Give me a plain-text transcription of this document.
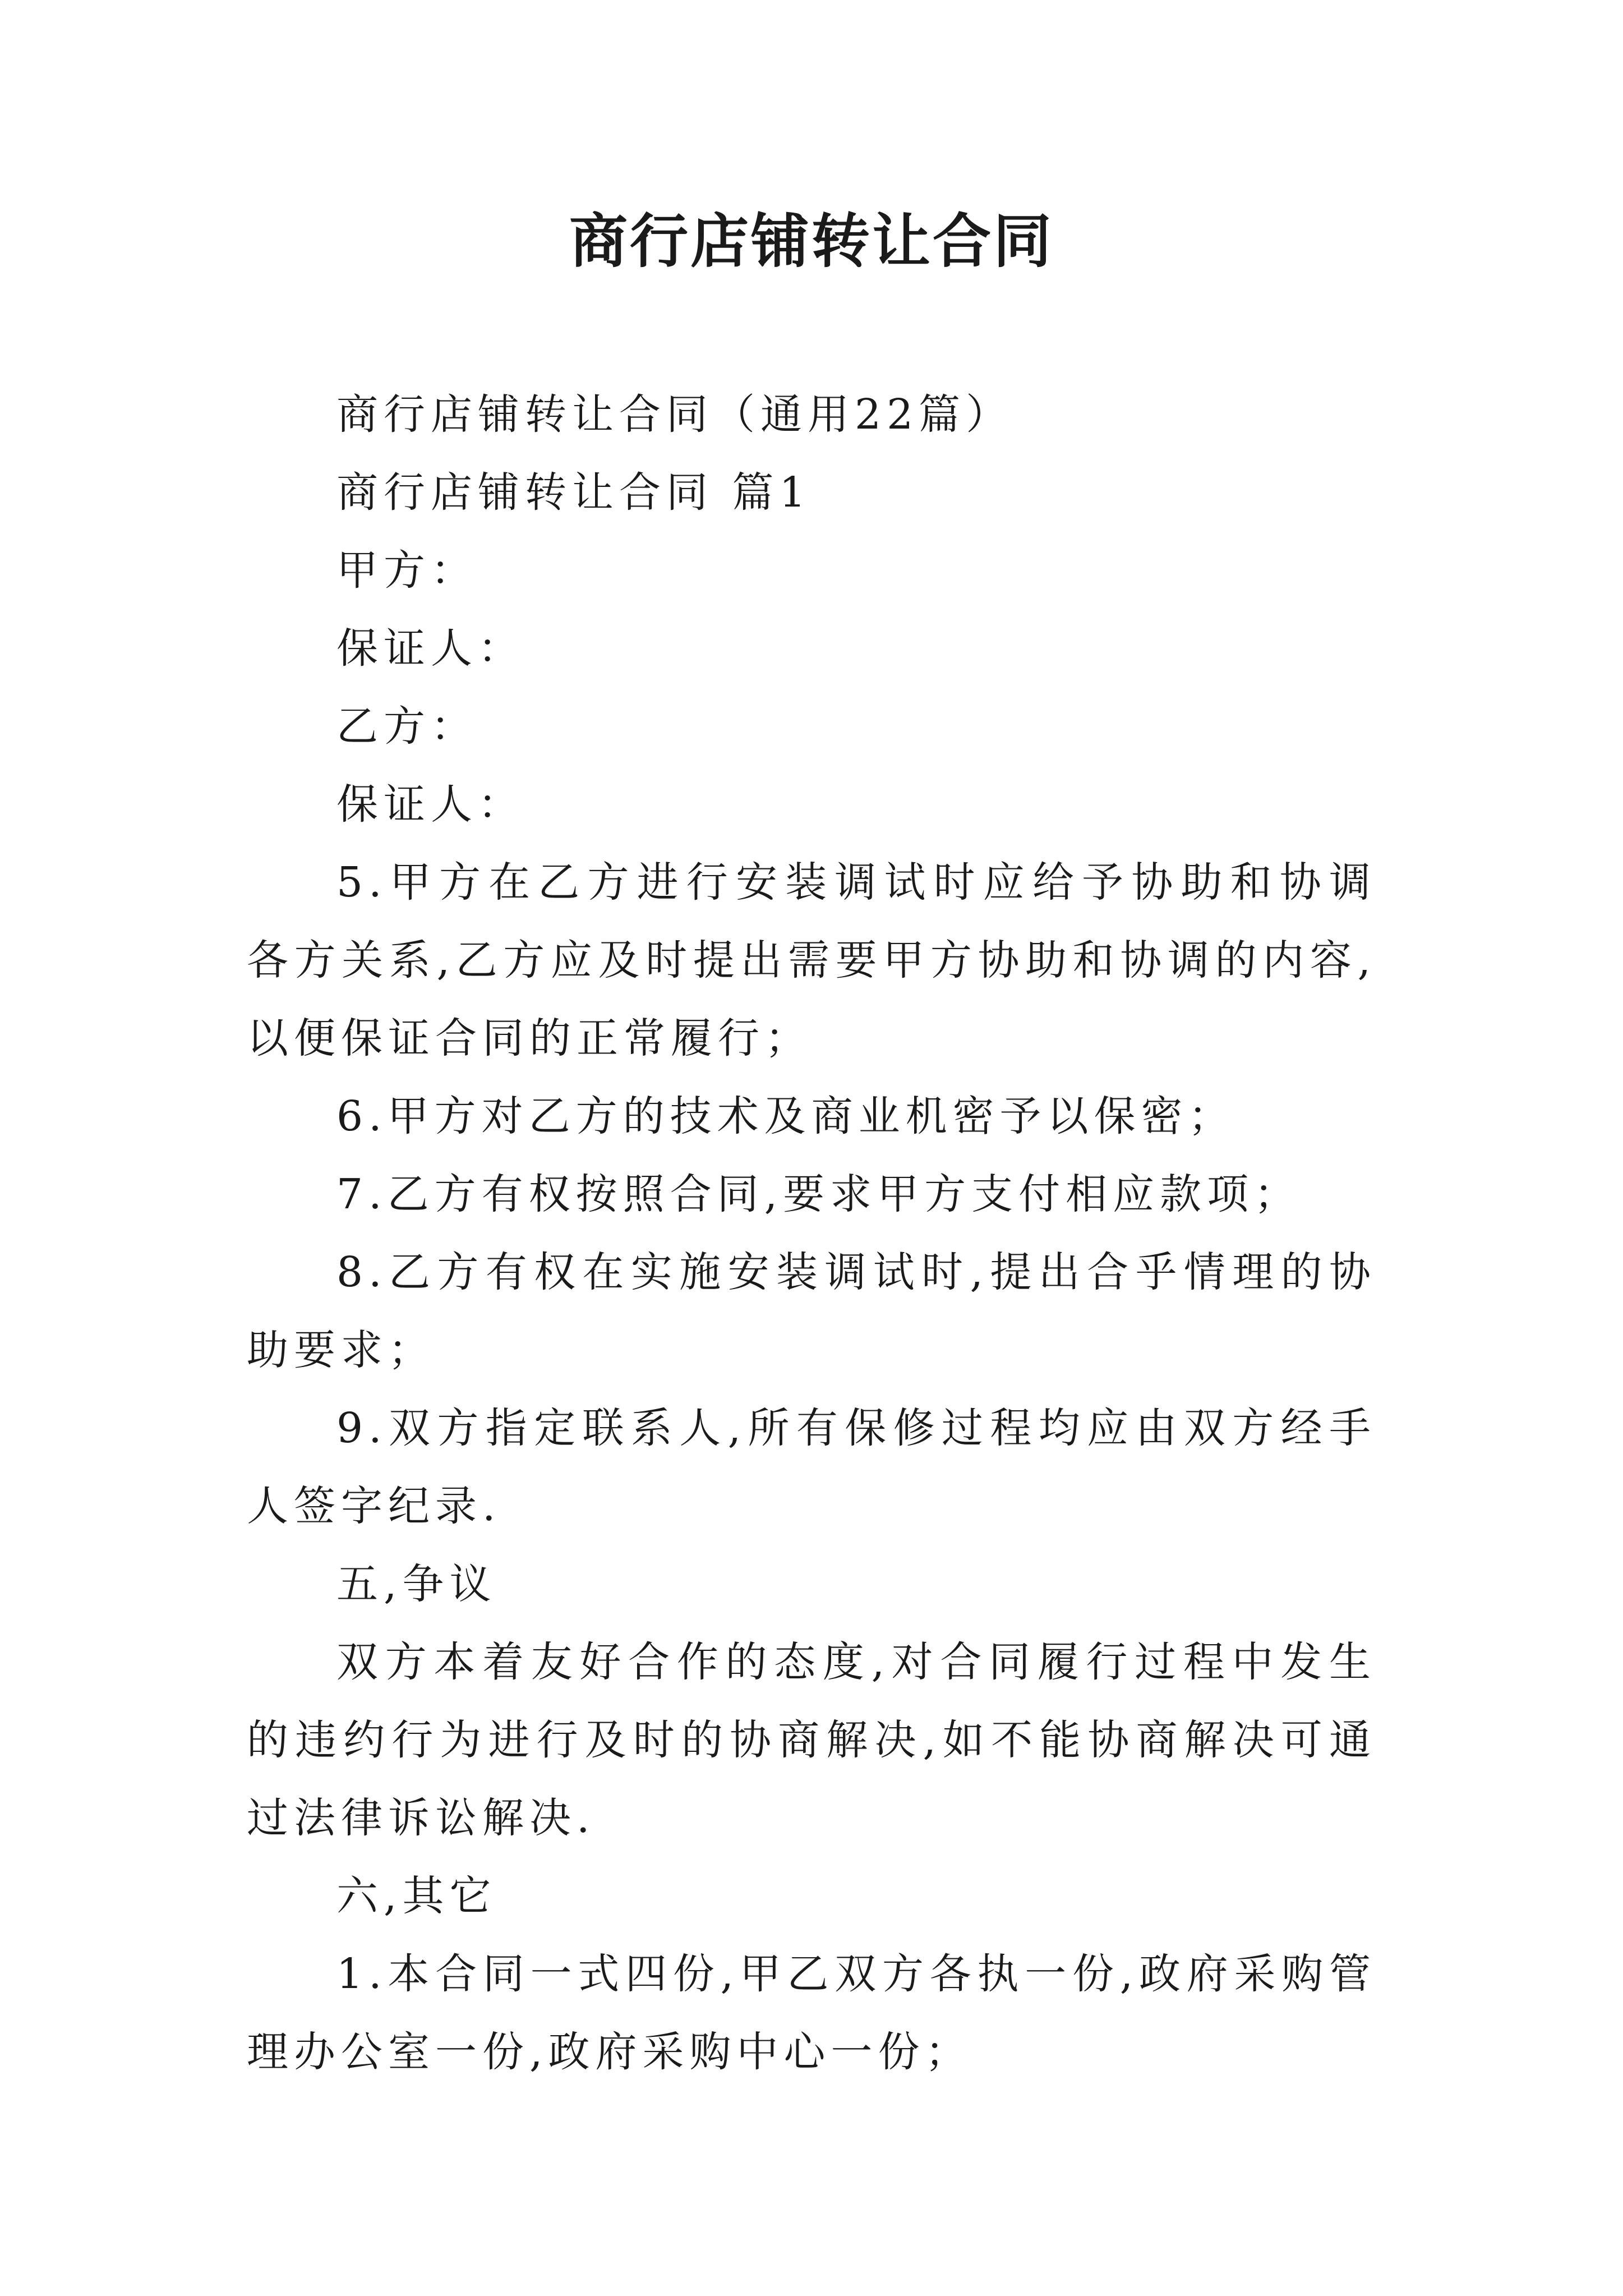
商行店铺转让合同

商行店铺转让合同（通用22篇）

商行店铺转让合同 篇1

甲方：

保证人：

乙方：

保证人：

5.甲方在乙方进行安装调试时应给予协助和协调各方关系,乙方应及时提出需要甲方协助和协调的内容,以便保证合同的正常履行；

6.甲方对乙方的技术及商业机密予以保密；

7.乙方有权按照合同,要求甲方支付相应款项；

8.乙方有权在实施安装调试时,提出合乎情理的协助要求；

9.双方指定联系人,所有保修过程均应由双方经手人签字纪录.

五,争议

双方本着友好合作的态度,对合同履行过程中发生的违约行为进行及时的协商解决,如不能协商解决可通过法律诉讼解决.

六,其它

1.本合同一式四份,甲乙双方各执一份,政府采购管理办公室一份,政府采购中心一份；
